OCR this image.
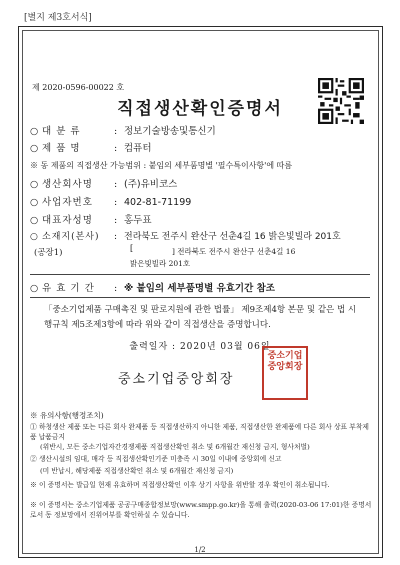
[별지 제3호서식]
제 2020-0596-00022 호
직접생산확인증명서
○ 대 분 류	: 정보기술방송및통신기
○ 제 품 명	: 컴퓨터
※ 동 제품의 직접생산 가능범위 : 붙임의 세부품명별 '필수특이사항'에 따름
○ 생산회사명 : (주)유비코스
○ 사업자번호 : 402-81-71199
○ 대표자성명 : 홍두표
○ 소재지(본사) : 전라북도 전주시 완산구 선춘4길 16 밝은빛빌라 201호
(공장1)	[	] 전라북도 전주시 완산구 선춘4길 16
밝은빛빌라 201호
○ 유 효 기 간 : ※ 붙임의 세부품명별 유효기간 참조
「중소기업제품 구매촉진 및 판로지원에 관한 법률」 제9조제4항 본문 및 같은 법 시행규칙 제5조제3항에 따라 위와 같이 직접생산을 증명합니다.
출력일자 : 2020년 03월 06일
중소기업중앙회장
중소기업중앙회장
※ 유의사항(행정조치)
① 하청생산 제품 또는 다른 회사 완제품 등 직접생산하지 아니한 제품, 직접생산한 완제품에 다른 회사 상표 부착제품 납품금지
(위반시, 모든 중소기업자간경쟁제품 직접생산확인 취소 및 6개월간 재신청 금지, 형사처벌)
② 생산시설의 임대, 매각 등 직접생산확인기준 미충족 시 30일 이내에 중앙회에 신고
(미 반납시, 해당제품 직접생산확인 취소 및 6개월간 재신청 금지)
※ 이 증명서는 발급일 현재 유효하며 직접생산확인 이후 상기 사항을 위반할 경우 확인이 취소됩니다.
※ 이 증명서는 중소기업제품 공공구매종합정보망(www.smpp.go.kr)을 통해 출력(2020-03-06 17:01)한 증명서로서 동 정보망에서 진위여부를 확인하실 수 있습니다.
1/2
